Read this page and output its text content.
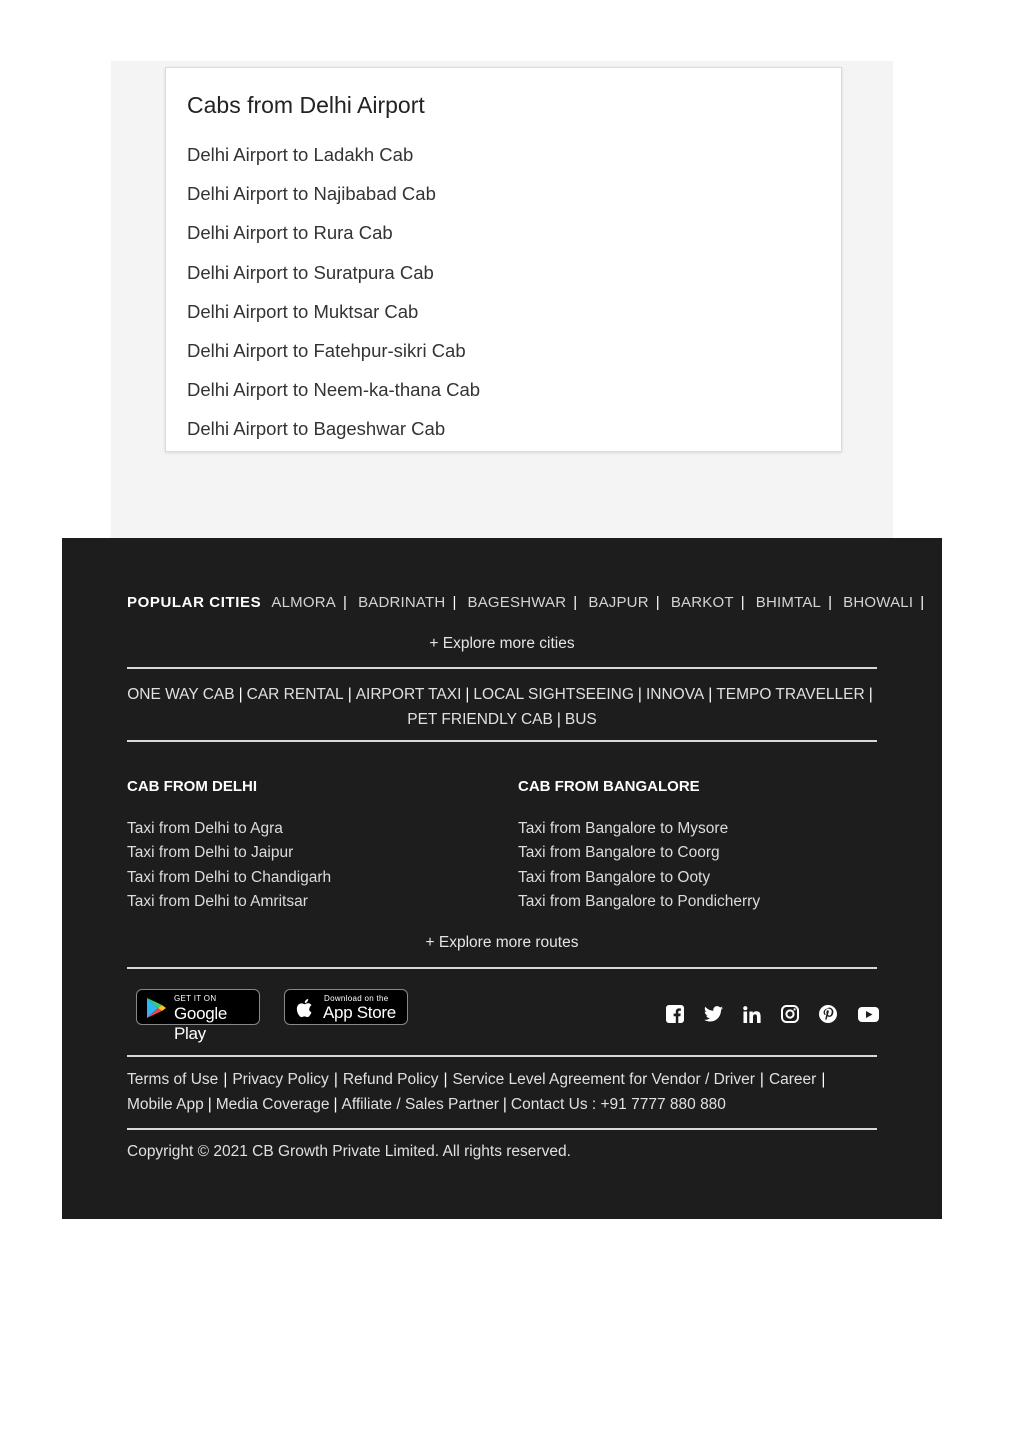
Cabs from Delhi Airport
Delhi Airport to Ladakh Cab
Delhi Airport to Najibabad Cab
Delhi Airport to Rura Cab
Delhi Airport to Suratpura Cab
Delhi Airport to Muktsar Cab
Delhi Airport to Fatehpur-sikri Cab
Delhi Airport to Neem-ka-thana Cab
Delhi Airport to Bageshwar Cab
POPULAR CITIES ALMORA | BADRINATH | BAGESHWAR | BAJPUR | BARKOT | BHIMTAL | BHOWALI |
+ Explore more cities
ONE WAY CAB | CAR RENTAL | AIRPORT TAXI | LOCAL SIGHTSEEING | INNOVA | TEMPO TRAVELLER |
PET FRIENDLY CAB | BUS
CAB FROM DELHI
Taxi from Delhi to Agra
Taxi from Delhi to Jaipur
Taxi from Delhi to Chandigarh
Taxi from Delhi to Amritsar
CAB FROM BANGALORE
Taxi from Bangalore to Mysore
Taxi from Bangalore to Coorg
Taxi from Bangalore to Ooty
Taxi from Bangalore to Pondicherry
+ Explore more routes
GET IT ON
Google Play
Download on the
App Store
Terms of Use | Privacy Policy | Refund Policy | Service Level Agreement for Vendor / Driver | Career |
Mobile App | Media Coverage | Affiliate / Sales Partner | Contact Us : +91 7777 880 880
Copyright © 2021 CB Growth Private Limited. All rights reserved.
